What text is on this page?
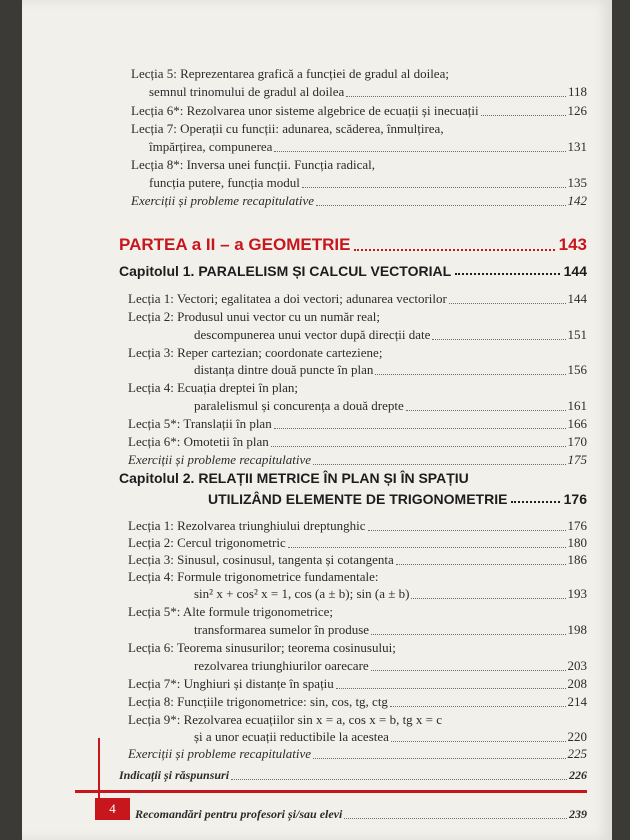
Lecția 5: Reprezentarea grafică a funcției de gradul al doilea;
semnul trinomului de gradul al doilea	118
Lecția 6*: Rezolvarea unor sisteme algebrice de ecuații și inecuații	126
Lecția 7: Operații cu funcții: adunarea, scăderea, înmulțirea,
împărțirea, compunerea	131
Lecția 8*: Inversa unei funcții. Funcția radical,
funcția putere, funcția modul	135
Exerciții și probleme recapitulative	142
PARTEA a II – a GEOMETRIE	143
Capitolul 1. PARALELISM ȘI CALCUL VECTORIAL	144
Lecția 1: Vectori; egalitatea a doi vectori; adunarea vectorilor	144
Lecția 2: Produsul unui vector cu un număr real;
descompunerea unui vector după direcții date	151
Lecția 3: Reper cartezian; coordonate carteziene;
distanța dintre două puncte în plan	156
Lecția 4: Ecuația dreptei în plan;
paralelismul și concurența a două drepte	161
Lecția 5*: Translații în plan	166
Lecția 6*: Omotetii în plan	170
Exerciții și probleme recapitulative	175
Capitolul 2. RELAȚII METRICE ÎN PLAN ȘI ÎN SPAȚIU
UTILIZÂND ELEMENTE DE TRIGONOMETRIE	176
Lecția 1: Rezolvarea triunghiului dreptunghic	176
Lecția 2: Cercul trigonometric	180
Lecția 3: Sinusul, cosinusul, tangenta și cotangenta	186
Lecția 4: Formule trigonometrice fundamentale:
sin² x + cos² x = 1, cos (a ± b); sin (a ± b)	193
Lecția 5*: Alte formule trigonometrice;
transformarea sumelor în produse	198
Lecția 6: Teorema sinusurilor; teorema cosinusului;
rezolvarea triunghiurilor oarecare	203
Lecția 7*: Unghiuri și distanțe în spațiu	208
Lecția 8: Funcțiile trigonometrice: sin, cos, tg, ctg	214
Lecția 9*: Rezolvarea ecuațiilor sin x = a, cos x = b, tg x = c
și a unor ecuații reductibile la acestea	220
Exerciții și probleme recapitulative	225
Indicații și răspunsuri	226
Recomandări pentru profesori și/sau elevi	239
4
